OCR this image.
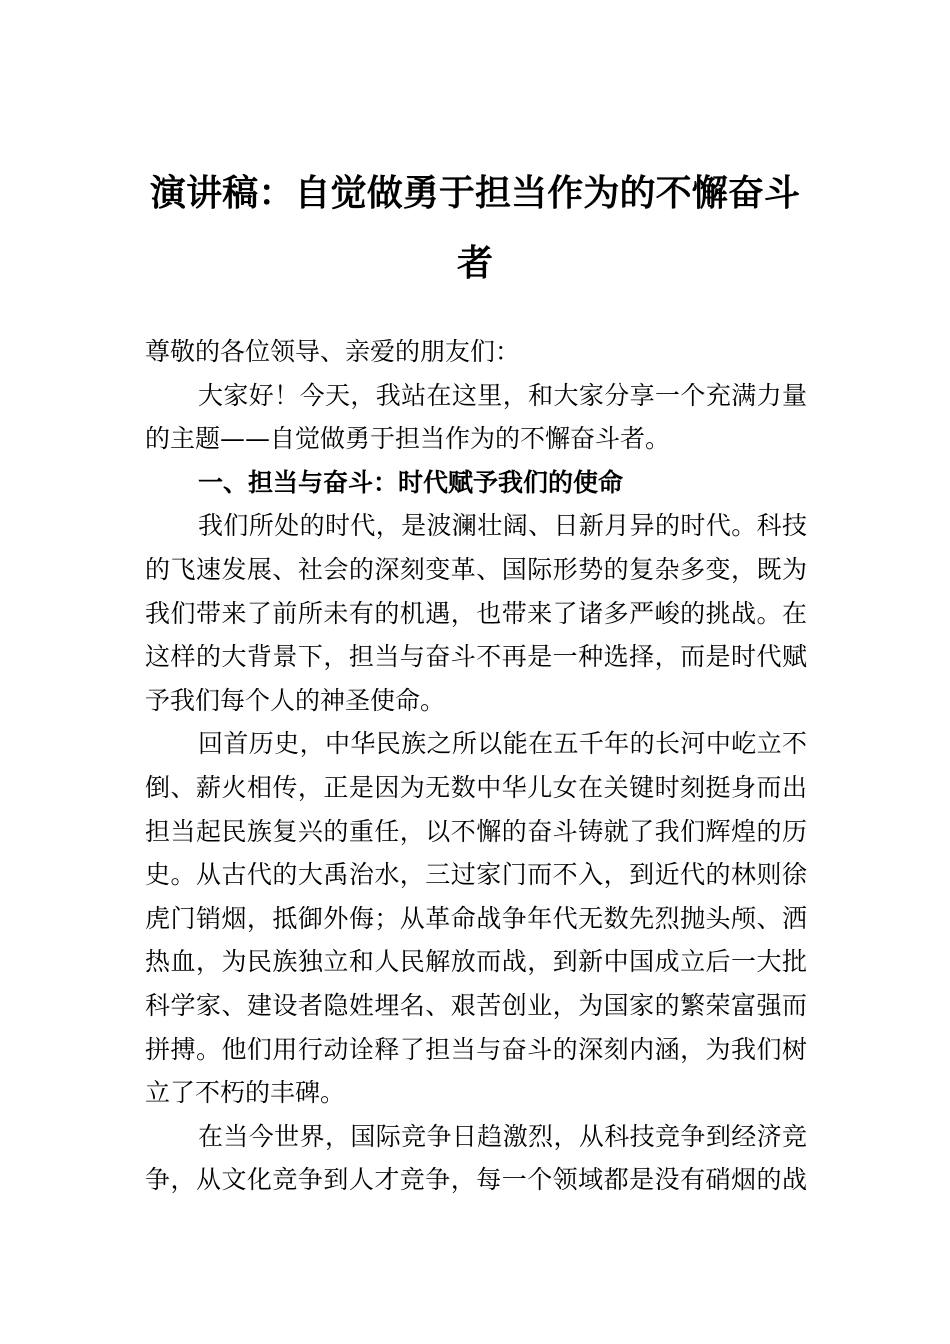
演讲稿：自觉做勇于担当作为的不懈奋斗
者
尊敬的各位领导、亲爱的朋友们：
大家好！今天，我站在这里，和大家分享一个充满力量
的主题——自觉做勇于担当作为的不懈奋斗者。
一、担当与奋斗：时代赋予我们的使命
我们所处的时代，是波澜壮阔、日新月异的时代。科技
的飞速发展、社会的深刻变革、国际形势的复杂多变，既为
我们带来了前所未有的机遇，也带来了诸多严峻的挑战。在
这样的大背景下，担当与奋斗不再是一种选择，而是时代赋
予我们每个人的神圣使命。
回首历史，中华民族之所以能在五千年的长河中屹立不
倒、薪火相传，正是因为无数中华儿女在关键时刻挺身而出
担当起民族复兴的重任，以不懈的奋斗铸就了我们辉煌的历
史。从古代的大禹治水，三过家门而不入，到近代的林则徐
虎门销烟，抵御外侮；从革命战争年代无数先烈抛头颅、洒
热血，为民族独立和人民解放而战，到新中国成立后一大批
科学家、建设者隐姓埋名、艰苦创业，为国家的繁荣富强而
拼搏。他们用行动诠释了担当与奋斗的深刻内涵，为我们树
立了不朽的丰碑。
在当今世界，国际竞争日趋激烈，从科技竞争到经济竞
争，从文化竞争到人才竞争，每一个领域都是没有硝烟的战
